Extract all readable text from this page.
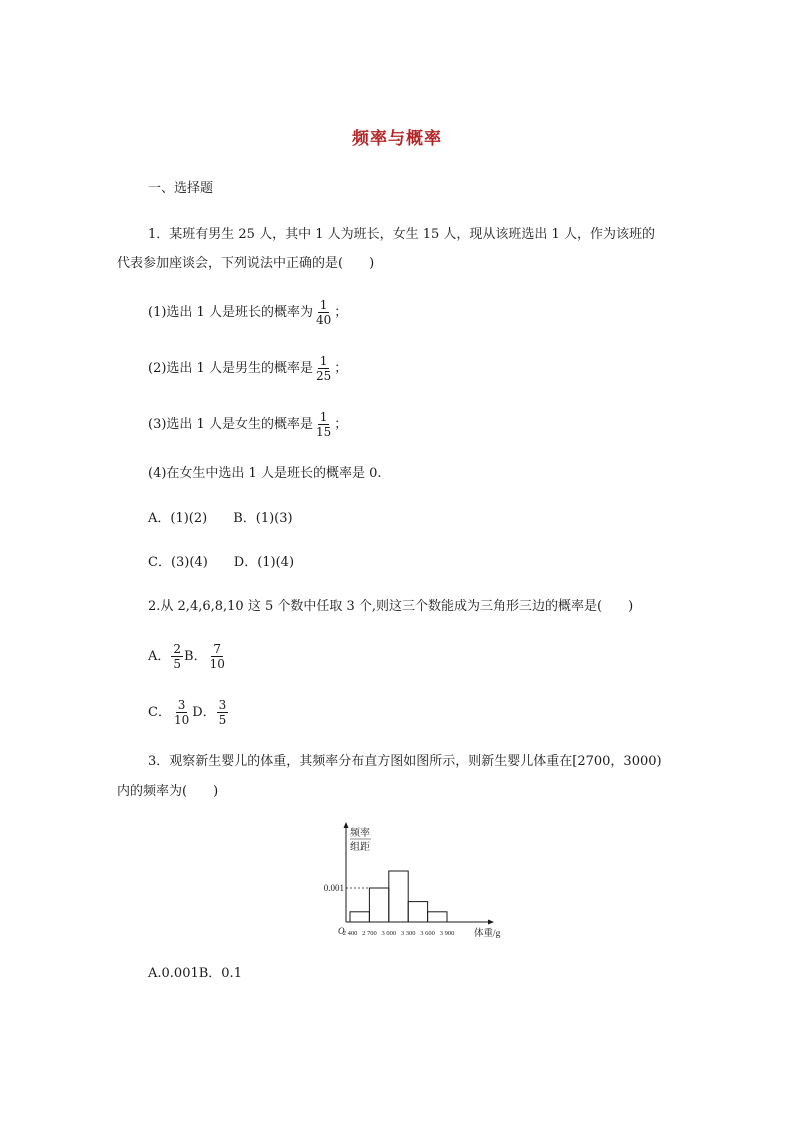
频率与概率
一、选择题
1．某班有男生 25 人，其中 1 人为班长，女生 15 人，现从该班选出 1 人，作为该班的
代表参加座谈会，下列说法中正确的是(　　)
(1)选出 1 人是班长的概率为 $\frac{1}{40}$ ；
(2)选出 1 人是男生的概率是 $\frac{1}{25}$ ；
(3)选出 1 人是女生的概率是 $\frac{1}{15}$ ；
(4)在女生中选出 1 人是班长的概率是 0.
A．(1)(2)　　B．(1)(3)
C．(3)(4)　　D．(1)(4)
2.从 2,4,6,8,10 这 5 个数中任取 3 个,则这三个数能成为三角形三边的概率是(　　)
A． $\frac{2}{5}$ B． $\frac{7}{10}$
C． $\frac{3}{10}$ D． $\frac{3}{5}$
3．观察新生婴儿的体重，其频率分布直方图如图所示，则新生婴儿体重在[2700，3000)
内的频率为(　　)
0.001
频率
组距
O
2 400 2 700 3 000 3 300 3 600 3 900 体重/g
A.0.001B．0.1
